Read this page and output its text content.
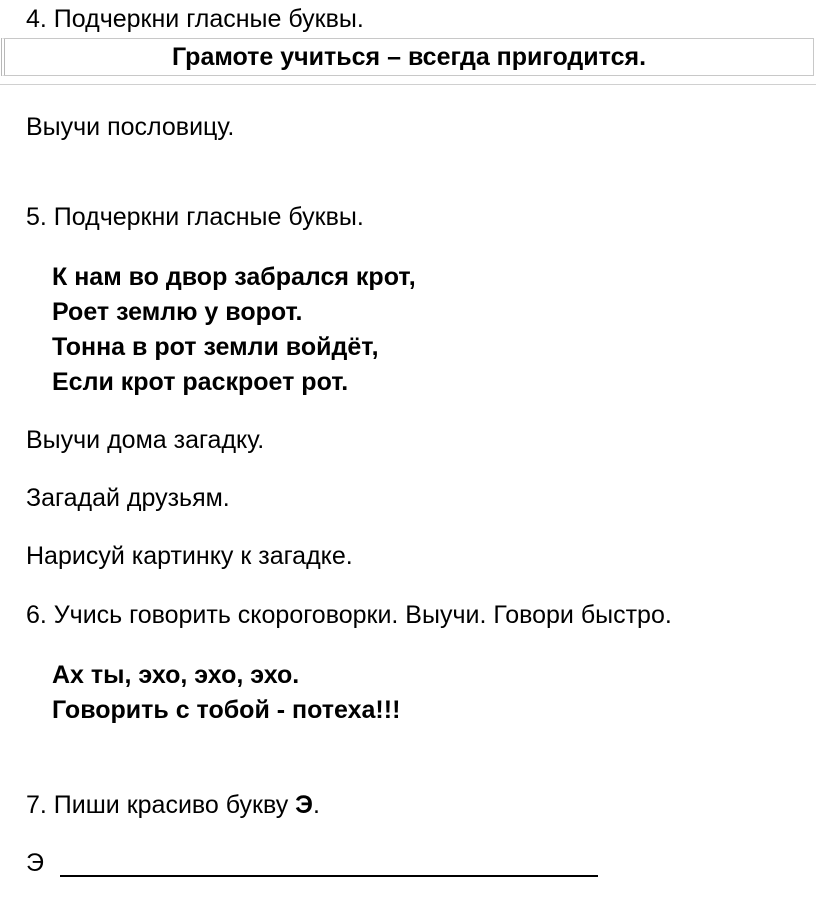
4. Подчеркни гласные буквы.
Грамоте учиться – всегда пригодится.
Выучи пословицу.
5. Подчеркни гласные буквы.
К нам во двор забрался крот,
Роет землю у ворот.
Тонна в рот земли войдёт,
Если крот раскроет рот.
Выучи дома загадку.
Загадай друзьям.
Нарисуй картинку к загадке.
6. Учись говорить скороговорки. Выучи. Говори быстро.
Ах ты, эхо, эхо, эхо.
Говорить с тобой - потеха!!!
7. Пиши красиво букву Э.
Э
